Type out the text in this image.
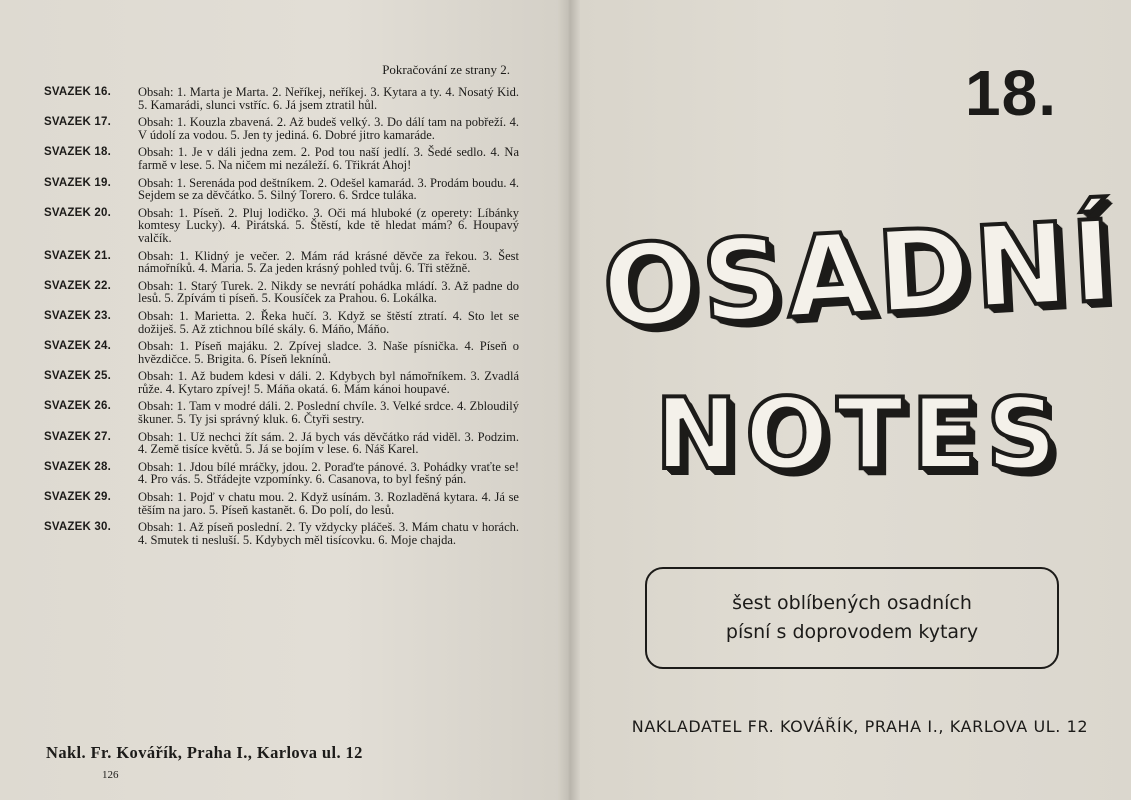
Pokračování ze strany 2.
SVAZEK 16.	Obsah: 1. Marta je Marta. 2. Neříkej, neříkej. 3. Kytara a ty. 4. Nosatý Kid. 5. Kamarádi, slunci vstříc. 6. Já jsem ztratil hůl.
SVAZEK 17.	Obsah: 1. Kouzla zbavená. 2. Až budeš velký. 3. Do dálí tam na pobřeží. 4. V údolí za vodou. 5. Jen ty jediná. 6. Dobré jitro kamaráde.
SVAZEK 18.	Obsah: 1. Je v dáli jedna zem. 2. Pod tou naší jedlí. 3. Šedé sedlo. 4. Na farmě v lese. 5. Na ničem mi nezáleží. 6. Třikrát Ahoj!
SVAZEK 19.	Obsah: 1. Serenáda pod deštníkem. 2. Odešel kamarád. 3. Prodám boudu. 4. Sejdem se za děvčátko. 5. Silný Torero. 6. Srdce tuláka.
SVAZEK 20.	Obsah: 1. Píseň. 2. Pluj lodičko. 3. Oči má hluboké (z operety: Líbánky komtesy Lucky). 4. Pirátská. 5. Štěstí, kde tě hledat mám? 6. Houpavý valčík.
SVAZEK 21.	Obsah: 1. Klidný je večer. 2. Mám rád krásné děvče za řekou. 3. Šest námořníků. 4. Maria. 5. Za jeden krásný pohled tvůj. 6. Tři stěžně.
SVAZEK 22.	Obsah: 1. Starý Turek. 2. Nikdy se nevrátí pohádka mládí. 3. Až padne do lesů. 5. Zpívám ti píseň. 5. Kousíček za Prahou. 6. Lokálka.
SVAZEK 23.	Obsah: 1. Marietta. 2. Řeka hučí. 3. Když se štěstí ztratí. 4. Sto let se dožiješ. 5. Až ztichnou bílé skály. 6. Máňo, Máňo.
SVAZEK 24.	Obsah: 1. Píseň majáku. 2. Zpívej sladce. 3. Naše písnička. 4. Píseň o hvězdičce. 5. Brigita. 6. Píseň leknínů.
SVAZEK 25.	Obsah: 1. Až budem kdesi v dáli. 2. Kdybych byl námořníkem. 3. Zvadlá růže. 4. Kytaro zpívej! 5. Máňa okatá. 6. Mám kánoi houpavé.
SVAZEK 26.	Obsah: 1. Tam v modré dáli. 2. Poslední chvíle. 3. Velké srdce. 4. Zbloudilý škuner. 5. Ty jsi správný kluk. 6. Čtyři sestry.
SVAZEK 27.	Obsah: 1. Už nechci žít sám. 2. Já bych vás děvčátko rád viděl. 3. Podzim. 4. Země tisíce květů. 5. Já se bojím v lese. 6. Náš Karel.
SVAZEK 28.	Obsah: 1. Jdou bílé mráčky, jdou. 2. Poraďte pánové. 3. Pohádky vraťte se! 4. Pro vás. 5. Střádejte vzpomínky. 6. Casanova, to byl fešný pán.
SVAZEK 29.	Obsah: 1. Pojď v chatu mou. 2. Když usínám. 3. Rozladěná kytara. 4. Já se těším na jaro. 5. Píseň kastanět. 6. Do polí, do lesů.
SVAZEK 30.	Obsah: 1. Až píseň poslední. 2. Ty vždycky pláčeš. 3. Mám chatu v horách. 4. Smutek ti nesluší. 5. Kdybych měl tisícovku. 6. Moje chajda.
Nakl. Fr. Kovářík, Praha I., Karlova ul. 12
126
18.
OSADNÍ
NOTES
šest oblíbených osadních
písní s doprovodem kytary
NAKLADATEL FR. KOVÁŘÍK, PRAHA I., KARLOVA UL. 12
